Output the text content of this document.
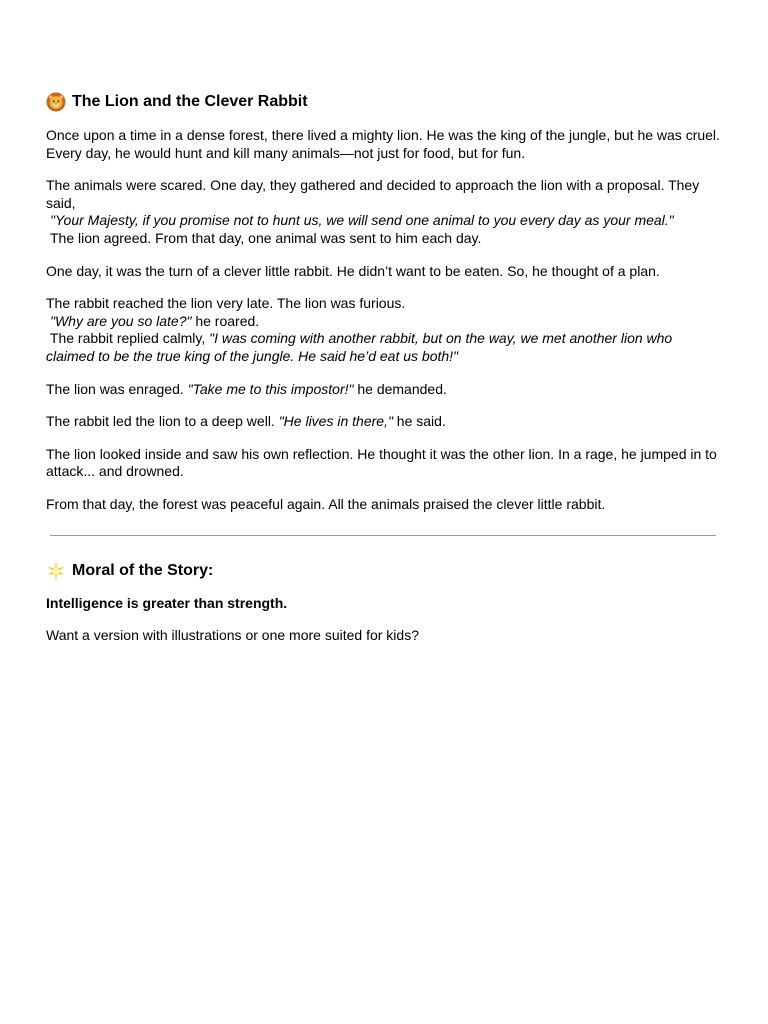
The Lion and the Clever Rabbit

Once upon a time in a dense forest, there lived a mighty lion. He was the king of the jungle, but he was cruel. Every day, he would hunt and kill many animals—not just for food, but for fun.

The animals were scared. One day, they gathered and decided to approach the lion with a proposal. They said,
"Your Majesty, if you promise not to hunt us, we will send one animal to you every day as your meal."
The lion agreed. From that day, one animal was sent to him each day.

One day, it was the turn of a clever little rabbit. He didn’t want to be eaten. So, he thought of a plan.

The rabbit reached the lion very late. The lion was furious.
"Why are you so late?" he roared.
The rabbit replied calmly, "I was coming with another rabbit, but on the way, we met another lion who claimed to be the true king of the jungle. He said he’d eat us both!"

The lion was enraged. "Take me to this impostor!" he demanded.

The rabbit led the lion to a deep well. "He lives in there," he said.

The lion looked inside and saw his own reflection. He thought it was the other lion. In a rage, he jumped in to attack... and drowned.

From that day, the forest was peaceful again. All the animals praised the clever little rabbit.

Moral of the Story:

Intelligence is greater than strength.

Want a version with illustrations or one more suited for kids?
